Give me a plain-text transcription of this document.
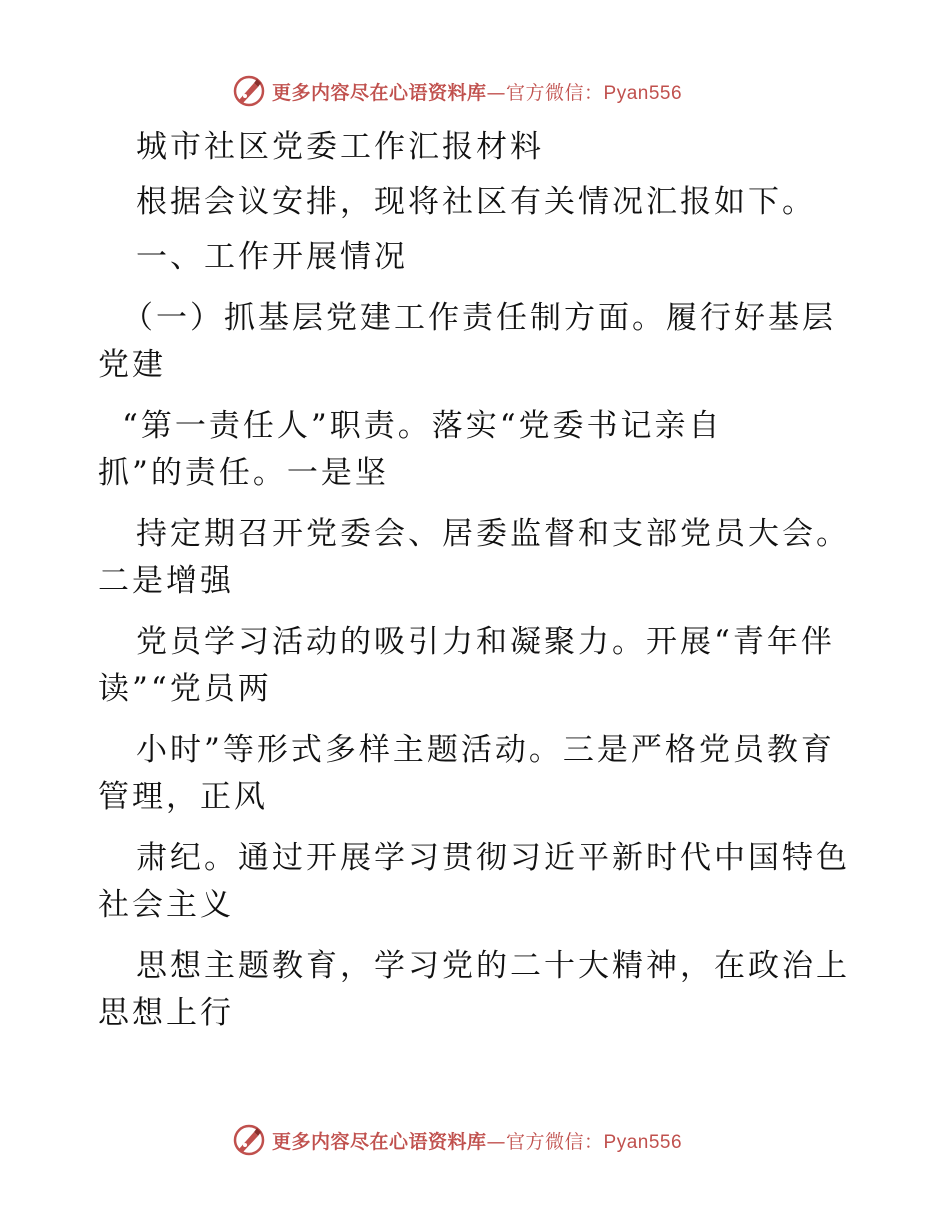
更多内容尽在心语资料库—官方微信：Pyan556
城市社区党委工作汇报材料
根据会议安排，现将社区有关情况汇报如下。
一、工作开展情况
（一）抓基层党建工作责任制方面。履行好基层
党建
“第一责任人”职责。落实“党委书记亲自
抓”的责任。一是坚
持定期召开党委会、居委监督和支部党员大会。
二是增强
党员学习活动的吸引力和凝聚力。开展“青年伴
读”“党员两
小时”等形式多样主题活动。三是严格党员教育
管理，正风
肃纪。通过开展学习贯彻习近平新时代中国特色
社会主义
思想主题教育，学习党的二十大精神，在政治上
思想上行
更多内容尽在心语资料库—官方微信：Pyan556
